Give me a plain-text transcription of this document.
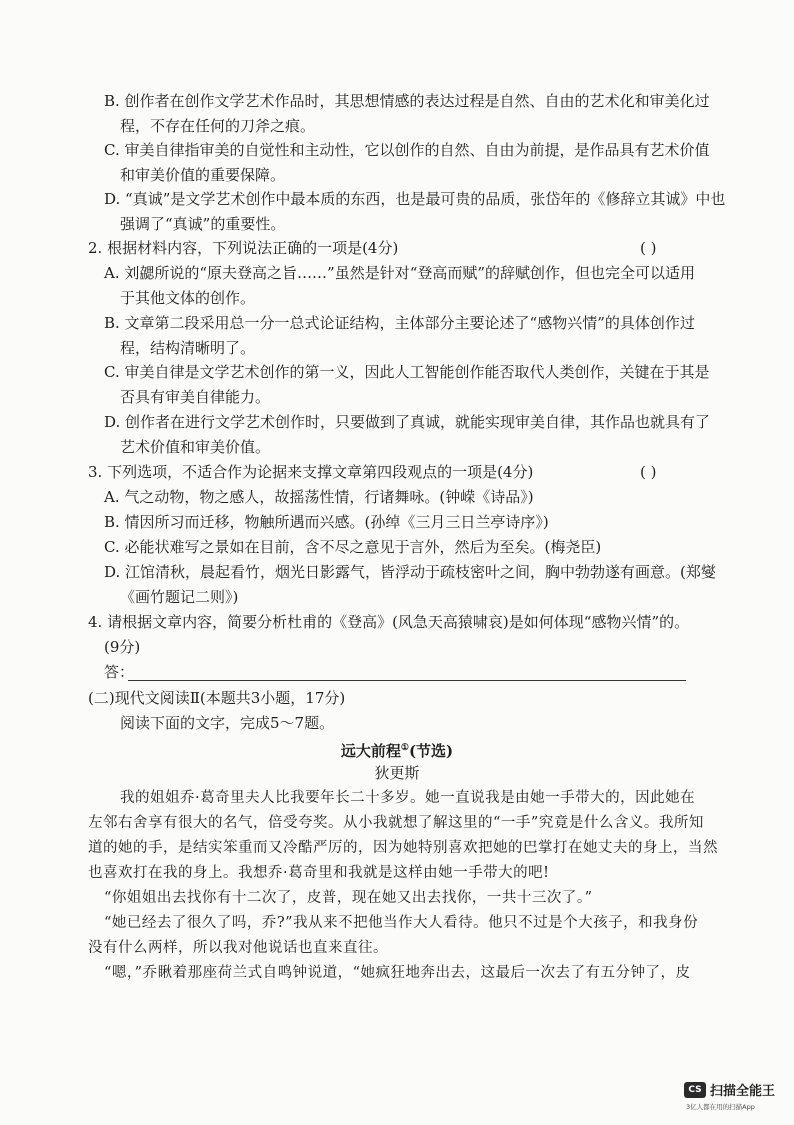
B. 创作者在创作文学艺术作品时，其思想情感的表达过程是自然、自由的艺术化和审美化过
程，不存在任何的刀斧之痕。
C. 审美自律指审美的自觉性和主动性，它以创作的自然、自由为前提，是作品具有艺术价值
和审美价值的重要保障。
D. “真诚”是文学艺术创作中最本质的东西，也是最可贵的品质，张岱年的《修辞立其诚》中也
强调了“真诚”的重要性。
2. 根据材料内容，下列说法正确的一项是(4分)	( )
A. 刘勰所说的“原夫登高之旨……”虽然是针对“登高而赋”的辞赋创作，但也完全可以适用
于其他文体的创作。
B. 文章第二段采用总一分一总式论证结构，主体部分主要论述了“感物兴情”的具体创作过
程，结构清晰明了。
C. 审美自律是文学艺术创作的第一义，因此人工智能创作能否取代人类创作，关键在于其是
否具有审美自律能力。
D. 创作者在进行文学艺术创作时，只要做到了真诚，就能实现审美自律，其作品也就具有了
艺术价值和审美价值。
3. 下列选项，不适合作为论据来支撑文章第四段观点的一项是(4分)	( )
A. 气之动物，物之感人，故摇荡性情，行诸舞咏。(钟嵘《诗品》)
B. 情因所习而迁移，物触所遇而兴感。(孙绰《三月三日兰亭诗序》)
C. 必能状难写之景如在目前，含不尽之意见于言外，然后为至矣。(梅尧臣)
D. 江馆清秋，晨起看竹，烟光日影露气，皆浮动于疏枝密叶之间，胸中勃勃遂有画意。(郑燮
《画竹题记二则》)
4. 请根据文章内容，简要分析杜甫的《登高》(风急天高猿啸哀)是如何体现“感物兴情”的。
(9分)
答：
(二)现代文阅读Ⅱ(本题共3小题，17分)
阅读下面的文字，完成5～7题。
远大前程①(节选)
狄更斯
我的姐姐乔·葛奇里夫人比我要年长二十多岁。她一直说我是由她一手带大的，因此她在
左邻右舍享有很大的名气，倍受夸奖。从小我就想了解这里的“一手”究竟是什么含义。我所知
道的她的手，是结实笨重而又冷酷严厉的，因为她特别喜欢把她的巴掌打在她丈夫的身上，当然
也喜欢打在我的身上。我想乔·葛奇里和我就是这样由她一手带大的吧!
“你姐姐出去找你有十二次了，皮普，现在她又出去找你，一共十三次了。”
“她已经去了很久了吗，乔?”我从来不把他当作大人看待。他只不过是个大孩子，和我身份
没有什么两样，所以我对他说话也直来直往。
“嗯，”乔瞅着那座荷兰式自鸣钟说道，“她疯狂地奔出去，这最后一次去了有五分钟了，皮
CS 扫描全能王
3亿人都在用的扫描App
